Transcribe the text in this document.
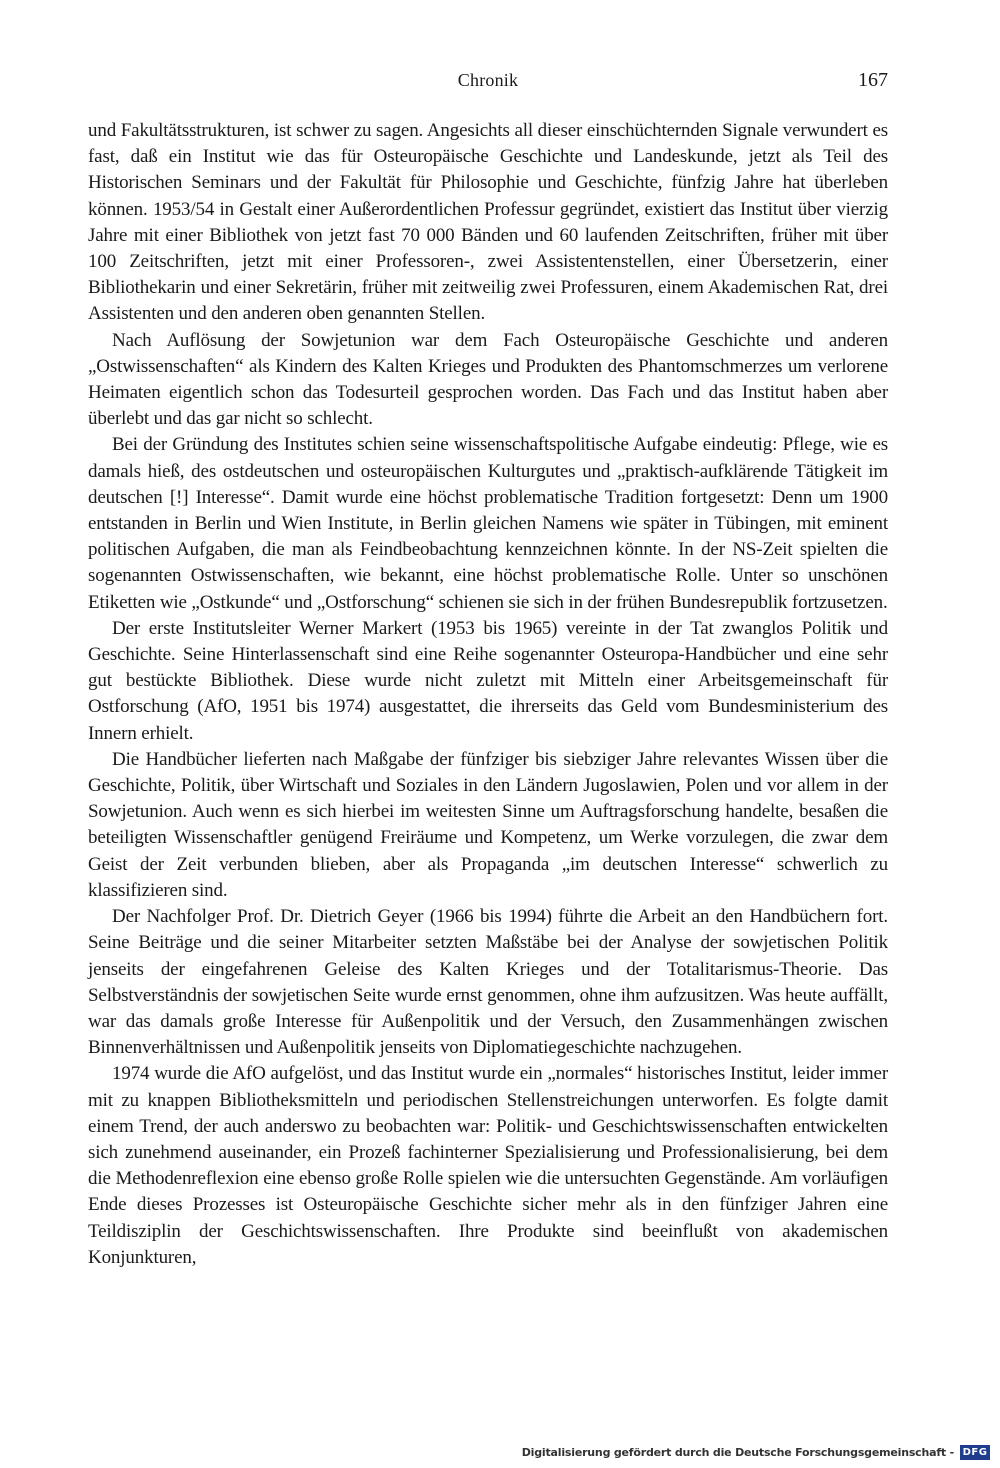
Chronik	167

und Fakultätsstrukturen, ist schwer zu sagen. Angesichts all dieser einschüchternden Signale verwundert es fast, daß ein Institut wie das für Osteuropäische Geschichte und Landeskunde, jetzt als Teil des Historischen Seminars und der Fakultät für Philosophie und Geschichte, fünfzig Jahre hat überleben können. 1953/54 in Gestalt einer Außerordentlichen Professur gegründet, existiert das Institut über vierzig Jahre mit einer Bibliothek von jetzt fast 70 000 Bänden und 60 laufenden Zeitschriften, früher mit über 100 Zeitschriften, jetzt mit einer Professoren-, zwei Assistentenstellen, einer Übersetzerin, einer Bibliothekarin und einer Sekretärin, früher mit zeitweilig zwei Professuren, einem Akademischen Rat, drei Assistenten und den anderen oben genannten Stellen.

Nach Auflösung der Sowjetunion war dem Fach Osteuropäische Geschichte und anderen „Ostwissenschaften“ als Kindern des Kalten Krieges und Produkten des Phantomschmerzes um verlorene Heimaten eigentlich schon das Todesurteil gesprochen worden. Das Fach und das Institut haben aber überlebt und das gar nicht so schlecht.

Bei der Gründung des Institutes schien seine wissenschaftspolitische Aufgabe eindeutig: Pflege, wie es damals hieß, des ostdeutschen und osteuropäischen Kulturgutes und „praktisch-aufklärende Tätigkeit im deutschen [!] Interesse“. Damit wurde eine höchst problematische Tradition fortgesetzt: Denn um 1900 entstanden in Berlin und Wien Institute, in Berlin gleichen Namens wie später in Tübingen, mit eminent politischen Aufgaben, die man als Feindbeobachtung kennzeichnen könnte. In der NS-Zeit spielten die sogenannten Ostwissenschaften, wie bekannt, eine höchst problematische Rolle. Unter so unschönen Etiketten wie „Ostkunde“ und „Ostforschung“ schienen sie sich in der frühen Bundesrepublik fortzusetzen.

Der erste Institutsleiter Werner Markert (1953 bis 1965) vereinte in der Tat zwanglos Politik und Geschichte. Seine Hinterlassenschaft sind eine Reihe sogenannter Osteuropa-Handbücher und eine sehr gut bestückte Bibliothek. Diese wurde nicht zuletzt mit Mitteln einer Arbeitsgemeinschaft für Ostforschung (AfO, 1951 bis 1974) ausgestattet, die ihrerseits das Geld vom Bundesministerium des Innern erhielt.

Die Handbücher lieferten nach Maßgabe der fünfziger bis siebziger Jahre relevantes Wissen über die Geschichte, Politik, über Wirtschaft und Soziales in den Ländern Jugoslawien, Polen und vor allem in der Sowjetunion. Auch wenn es sich hierbei im weitesten Sinne um Auftragsforschung handelte, besaßen die beteiligten Wissenschaftler genügend Freiräume und Kompetenz, um Werke vorzulegen, die zwar dem Geist der Zeit verbunden blieben, aber als Propaganda „im deutschen Interesse“ schwerlich zu klassifizieren sind.

Der Nachfolger Prof. Dr. Dietrich Geyer (1966 bis 1994) führte die Arbeit an den Handbüchern fort. Seine Beiträge und die seiner Mitarbeiter setzten Maßstäbe bei der Analyse der sowjetischen Politik jenseits der eingefahrenen Geleise des Kalten Krieges und der Totalitarismus-Theorie. Das Selbstverständnis der sowjetischen Seite wurde ernst genommen, ohne ihm aufzusitzen. Was heute auffällt, war das damals große Interesse für Außenpolitik und der Versuch, den Zusammenhängen zwischen Binnenverhältnissen und Außenpolitik jenseits von Diplomatiegeschichte nachzugehen.

1974 wurde die AfO aufgelöst, und das Institut wurde ein „normales“ historisches Institut, leider immer mit zu knappen Bibliotheksmitteln und periodischen Stellenstreichungen unterworfen. Es folgte damit einem Trend, der auch anderswo zu beobachten war: Politik- und Geschichtswissenschaften entwickelten sich zunehmend auseinander, ein Prozeß fachinterner Spezialisierung und Professionalisierung, bei dem die Methodenreflexion eine ebenso große Rolle spielen wie die untersuchten Gegenstände. Am vorläufigen Ende dieses Prozesses ist Osteuropäische Geschichte sicher mehr als in den fünfziger Jahren eine Teildisziplin der Geschichtswissenschaften. Ihre Produkte sind beeinflußt von akademischen Konjunkturen,

Digitalisierung gefördert durch die Deutsche Forschungsgemeinschaft - DFG
